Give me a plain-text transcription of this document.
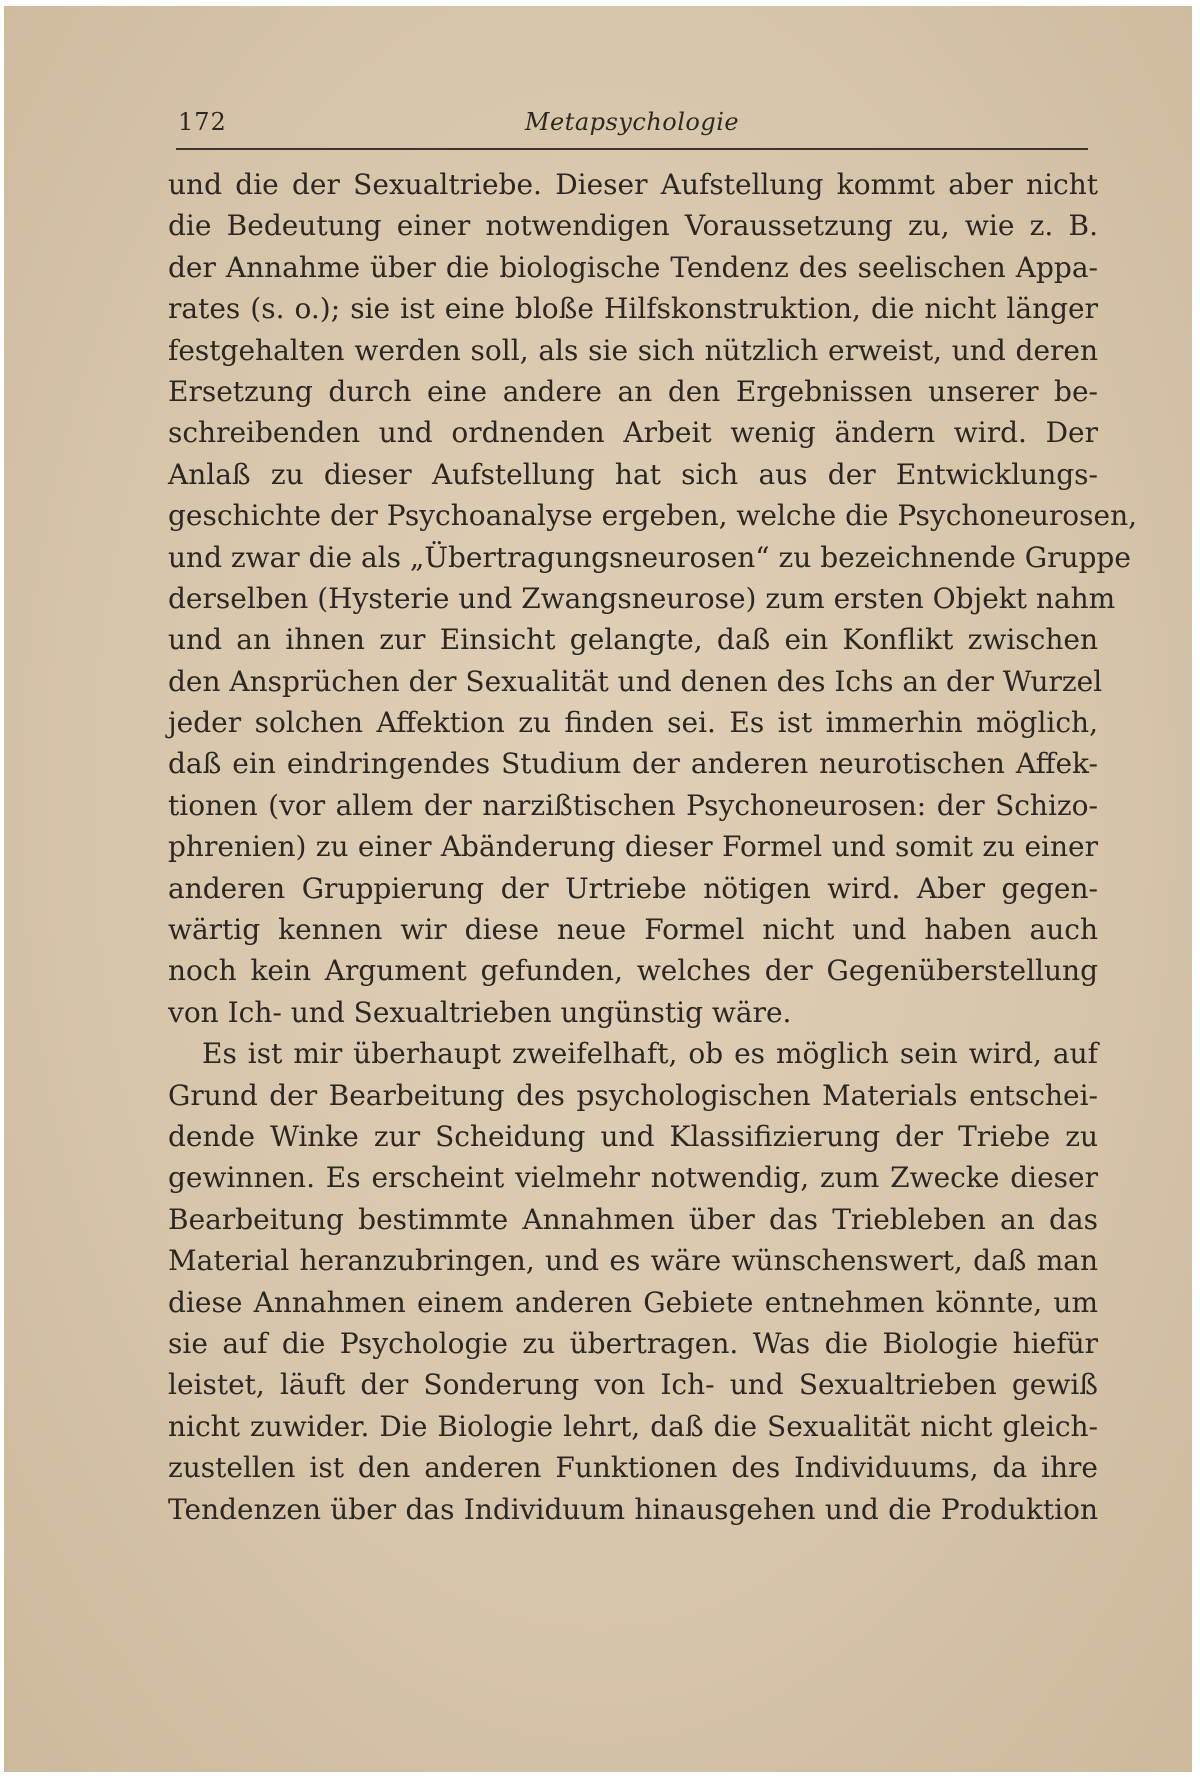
172	Metapsychologie
und die der Sexualtriebe. Dieser Aufstellung kommt aber nicht
die Bedeutung einer notwendigen Voraussetzung zu, wie z. B.
der Annahme über die biologische Tendenz des seelischen Appa-
rates (s. o.); sie ist eine bloße Hilfskonstruktion, die nicht länger
festgehalten werden soll, als sie sich nützlich erweist, und deren
Ersetzung durch eine andere an den Ergebnissen unserer be-
schreibenden und ordnenden Arbeit wenig ändern wird. Der
Anlaß zu dieser Aufstellung hat sich aus der Entwicklungs-
geschichte der Psychoanalyse ergeben, welche die Psychoneurosen,
und zwar die als „Übertragungsneurosen“ zu bezeichnende Gruppe
derselben (Hysterie und Zwangsneurose) zum ersten Objekt nahm
und an ihnen zur Einsicht gelangte, daß ein Konflikt zwischen
den Ansprüchen der Sexualität und denen des Ichs an der Wurzel
jeder solchen Affektion zu finden sei. Es ist immerhin möglich,
daß ein eindringendes Studium der anderen neurotischen Affek-
tionen (vor allem der narzißtischen Psychoneurosen: der Schizo-
phrenien) zu einer Abänderung dieser Formel und somit zu einer
anderen Gruppierung der Urtriebe nötigen wird. Aber gegen-
wärtig kennen wir diese neue Formel nicht und haben auch
noch kein Argument gefunden, welches der Gegenüberstellung
von Ich- und Sexualtrieben ungünstig wäre.
Es ist mir überhaupt zweifelhaft, ob es möglich sein wird, auf
Grund der Bearbeitung des psychologischen Materials entschei-
dende Winke zur Scheidung und Klassifizierung der Triebe zu
gewinnen. Es erscheint vielmehr notwendig, zum Zwecke dieser
Bearbeitung bestimmte Annahmen über das Triebleben an das
Material heranzubringen, und es wäre wünschenswert, daß man
diese Annahmen einem anderen Gebiete entnehmen könnte, um
sie auf die Psychologie zu übertragen. Was die Biologie hiefür
leistet, läuft der Sonderung von Ich- und Sexualtrieben gewiß
nicht zuwider. Die Biologie lehrt, daß die Sexualität nicht gleich-
zustellen ist den anderen Funktionen des Individuums, da ihre
Tendenzen über das Individuum hinausgehen und die Produktion
